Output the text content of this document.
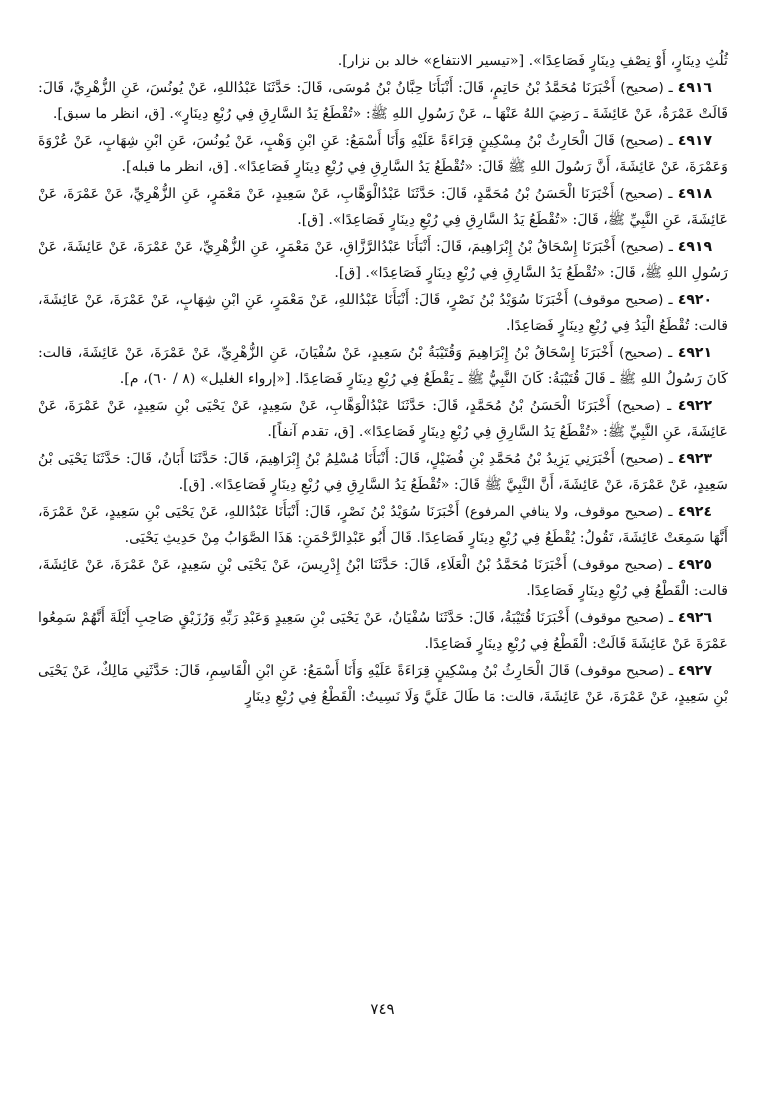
ثُلُثِ دِينَارٍ، أَوْ نِصْفِ دِينَارٍ فَصَاعِدًا». [«تيسير الانتفاع» خالد بن نزار].

٤٩١٦ ـ (صحيح) أَخْبَرَنَا مُحَمَّدُ بْنُ حَاتِمٍ، قَالَ: أَنْبَأَنَا حِبَّانُ بْنُ مُوسَى، قَالَ: حَدَّثَنَا عَبْدُاللهِ، عَنْ يُونُسَ، عَنِ الزُّهْرِيِّ، قَالَ: قَالَتْ عَمْرَةُ، عَنْ عَائِشَةَ ـ رَضِيَ اللهُ عَنْهَا ـ، عَنْ رَسُولِ اللهِ ﷺ: «تُقْطَعُ يَدُ السَّارِقِ فِي رُبْعِ دِينَارٍ». [ق، انظر ما سبق].

٤٩١٧ ـ (صحيح) قَالَ الْحَارِثُ بْنُ مِسْكِينٍ قِرَاءَةً عَلَيْهِ وَأَنَا أَسْمَعُ: عَنِ ابْنِ وَهْبٍ، عَنْ يُونُسَ، عَنِ ابْنِ شِهَابٍ، عَنْ عُرْوَةَ وَعَمْرَةَ، عَنْ عَائِشَةَ، أَنَّ رَسُولَ اللهِ ﷺ قَالَ: «تُقْطَعُ يَدُ السَّارِقِ فِي رُبْعِ دِينَارٍ فَصَاعِدًا». [ق، انظر ما قبله].

٤٩١٨ ـ (صحيح) أَخْبَرَنَا الْحَسَنُ بْنُ مُحَمَّدٍ، قَالَ: حَدَّثَنَا عَبْدُالْوَهَّابِ، عَنْ سَعِيدٍ، عَنْ مَعْمَرٍ، عَنِ الزُّهْرِيِّ، عَنْ عَمْرَةَ، عَنْ عَائِشَةَ، عَنِ النَّبِيِّ ﷺ، قَالَ: «تُقْطَعُ يَدُ السَّارِقِ فِي رُبْعِ دِينَارٍ فَصَاعِدًا». [ق].

٤٩١٩ ـ (صحيح) أَخْبَرَنَا إِسْحَاقُ بْنُ إِبْرَاهِيمَ، قَالَ: أَنْبَأَنَا عَبْدُالرَّزَّاقِ، عَنْ مَعْمَرٍ، عَنِ الزُّهْرِيِّ، عَنْ عَمْرَةَ، عَنْ عَائِشَةَ، عَنْ رَسُولِ اللهِ ﷺ، قَالَ: «تُقْطَعُ يَدُ السَّارِقِ فِي رُبْعِ دِينَارٍ فَصَاعِدًا». [ق].

٤٩٢٠ ـ (صحيح موقوف) أَخْبَرَنَا سُوَيْدُ بْنُ نَصْرٍ، قَالَ: أَنْبَأَنَا عَبْدُاللهِ، عَنْ مَعْمَرٍ، عَنِ ابْنِ شِهَابٍ، عَنْ عَمْرَةَ، عَنْ عَائِشَةَ، قالت: تُقْطَعُ الْيَدُ فِي رُبْعِ دِينَارٍ فَصَاعِدًا.

٤٩٢١ ـ (صحيح) أَخْبَرَنَا إِسْحَاقُ بْنُ إِبْرَاهِيمَ وَقُتَيْبَةُ بْنُ سَعِيدٍ، عَنْ سُفْيَانَ، عَنِ الزُّهْرِيِّ، عَنْ عَمْرَةَ، عَنْ عَائِشَةَ، قالت: كَانَ رَسُولُ اللهِ ﷺ ـ قَالَ قُتَيْبَةُ: كَانَ النَّبِيُّ ﷺ ـ يَقْطَعُ فِي رُبْعِ دِينَارٍ فَصَاعِدًا. [«إرواء الغليل» (٨ / ٦٠)، م].

٤٩٢٢ ـ (صحيح) أَخْبَرَنَا الْحَسَنُ بْنُ مُحَمَّدٍ، قَالَ: حَدَّثَنَا عَبْدُالْوَهَّابِ، عَنْ سَعِيدٍ، عَنْ يَحْيَى بْنِ سَعِيدٍ، عَنْ عَمْرَةَ، عَنْ عَائِشَةَ، عَنِ النَّبِيِّ ﷺ: «تُقْطَعُ يَدُ السَّارِقِ فِي رُبْعِ دِينَارٍ فَصَاعِدًا». [ق، تقدم آنفاً].

٤٩٢٣ ـ (صحيح) أَخْبَرَنِي يَزِيدُ بْنُ مُحَمَّدِ بْنِ فُضَيْلٍ، قَالَ: أَنْبَأَنَا مُسْلِمُ بْنُ إِبْرَاهِيمَ، قَالَ: حَدَّثَنَا أَبَانُ، قَالَ: حَدَّثَنَا يَحْيَى بْنُ سَعِيدٍ، عَنْ عَمْرَةَ، عَنْ عَائِشَةَ، أَنَّ النَّبِيَّ ﷺ قَالَ: «تُقْطَعُ يَدُ السَّارِقِ فِي رُبْعِ دِينَارٍ فَصَاعِدًا». [ق].

٤٩٢٤ ـ (صحيح موقوف، ولا ينافي المرفوع) أَخْبَرَنَا سُوَيْدُ بْنُ نَصْرٍ، قَالَ: أَنْبَأَنَا عَبْدُاللهِ، عَنْ يَحْيَى بْنِ سَعِيدٍ، عَنْ عَمْرَةَ، أَنَّهَا سَمِعَتْ عَائِشَةَ، تَقُولُ: يُقْطَعُ فِي رُبْعِ دِينَارٍ فَصَاعِدًا. قَالَ أَبُو عَبْدِالرَّحْمَنِ: هَذَا الصَّوَابُ مِنْ حَدِيثِ يَحْيَى.

٤٩٢٥ ـ (صحيح موقوف) أَخْبَرَنَا مُحَمَّدُ بْنُ الْعَلَاءِ، قَالَ: حَدَّثَنَا ابْنُ إِدْرِيسَ، عَنْ يَحْيَى بْنِ سَعِيدٍ، عَنْ عَمْرَةَ، عَنْ عَائِشَةَ، قالت: الْقَطْعُ فِي رُبْعِ دِينَارٍ فَصَاعِدًا.

٤٩٢٦ ـ (صحيح موقوف) أَخْبَرَنَا قُتَيْبَةُ، قَالَ: حَدَّثَنَا سُفْيَانُ، عَنْ يَحْيَى بْنِ سَعِيدٍ وَعَبْدِ رَبِّهِ وَرُزَيْقٍ صَاحِبِ أَيْلَةَ أَنَّهُمْ سَمِعُوا عَمْرَةَ عَنْ عَائِشَةَ قَالَتْ: الْقَطْعُ فِي رُبْعِ دِينَارٍ فَصَاعِدًا.

٤٩٢٧ ـ (صحيح موقوف) قَالَ الْحَارِثُ بْنُ مِسْكِينٍ قِرَاءَةً عَلَيْهِ وَأَنَا أَسْمَعُ: عَنِ ابْنِ الْقَاسِمِ، قَالَ: حَدَّثَنِي مَالِكٌ، عَنْ يَحْيَى بْنِ سَعِيدٍ، عَنْ عَمْرَةَ، عَنْ عَائِشَةَ، قالت: مَا طَالَ عَلَيَّ وَلَا نَسِيتُ: الْقَطْعُ فِي رُبْعِ دِينَارٍ

٧٤٩
